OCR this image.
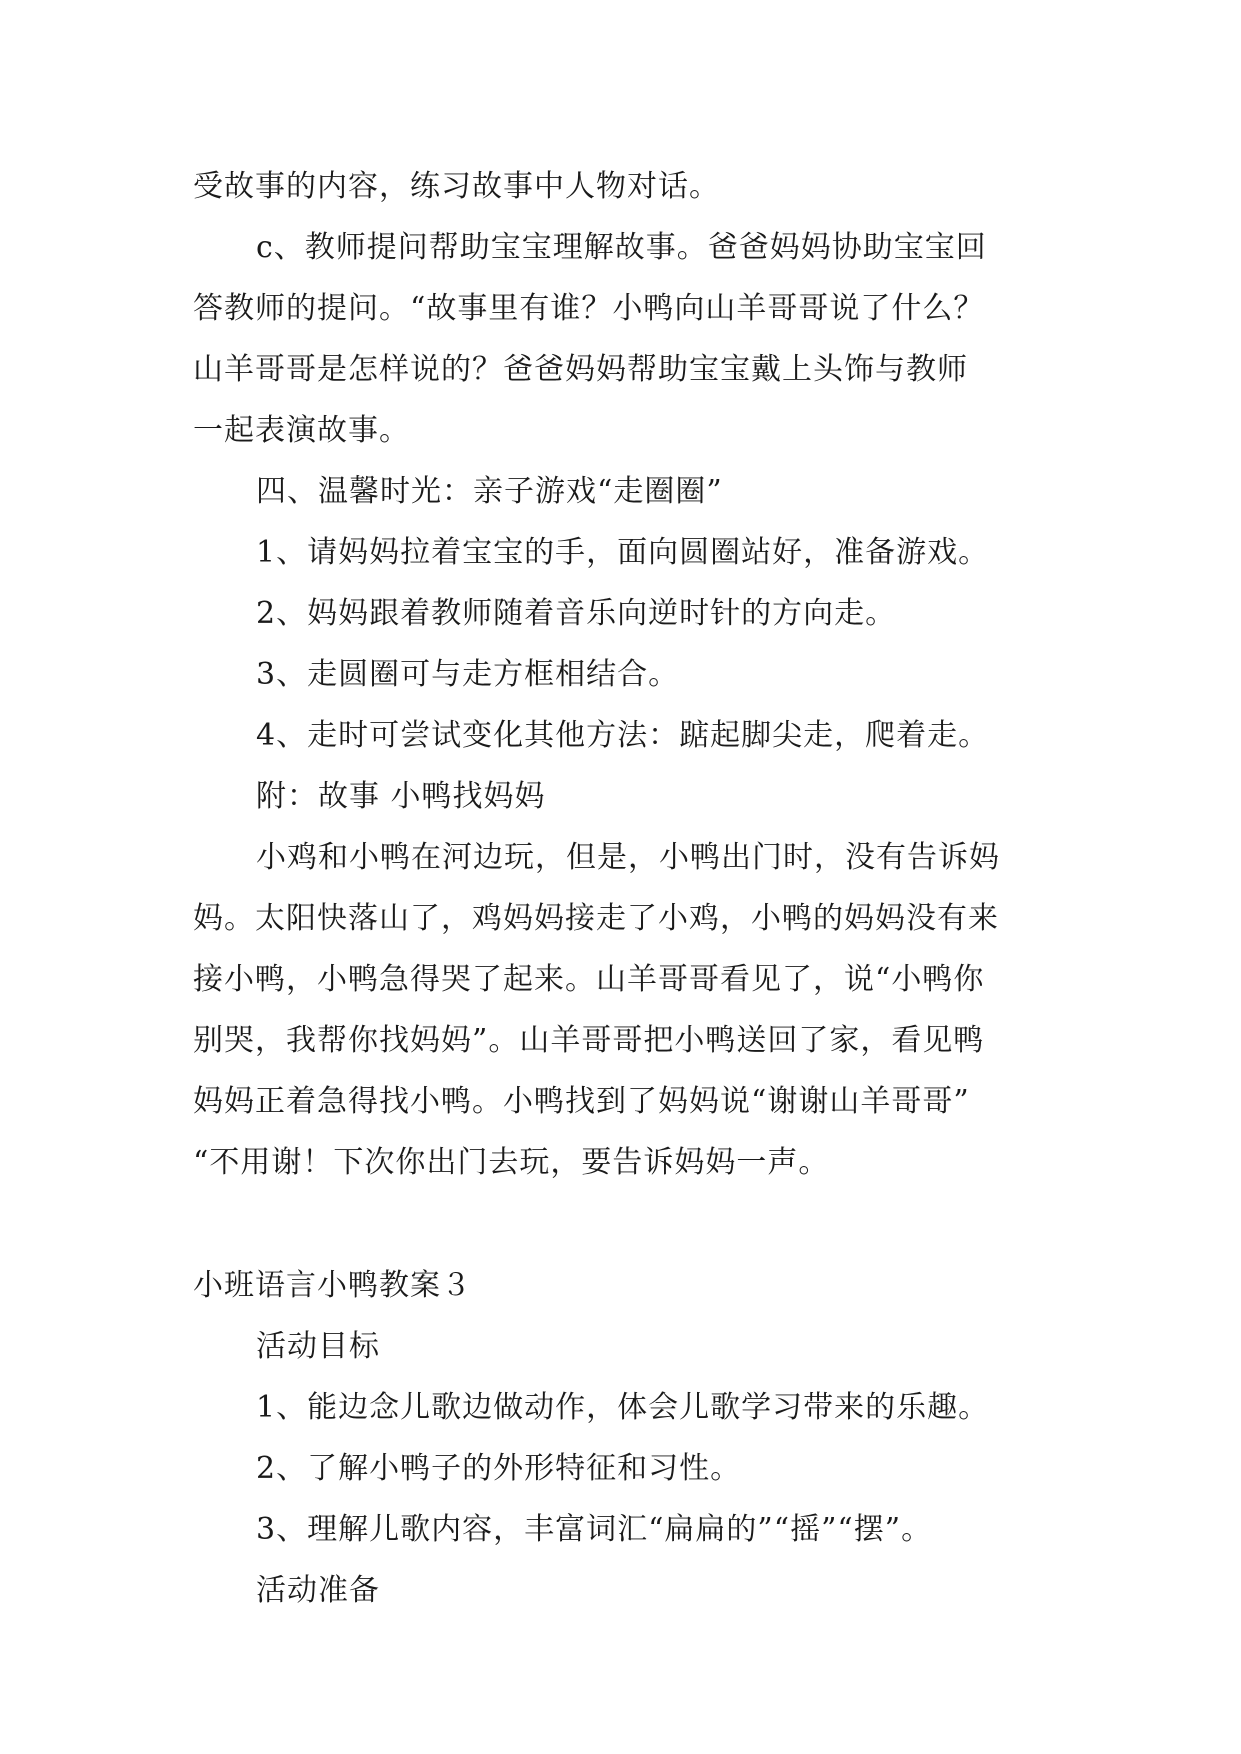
受故事的内容，练习故事中人物对话。
c、教师提问帮助宝宝理解故事。爸爸妈妈协助宝宝回
答教师的提问。“故事里有谁？小鸭向山羊哥哥说了什么？
山羊哥哥是怎样说的？爸爸妈妈帮助宝宝戴上头饰与教师
一起表演故事。
四、温馨时光：亲子游戏“走圈圈”
1、请妈妈拉着宝宝的手，面向圆圈站好，准备游戏。
2、妈妈跟着教师随着音乐向逆时针的方向走。
3、走圆圈可与走方框相结合。
4、走时可尝试变化其他方法：踮起脚尖走，爬着走。
附：故事 小鸭找妈妈
小鸡和小鸭在河边玩，但是，小鸭出门时，没有告诉妈
妈。太阳快落山了，鸡妈妈接走了小鸡，小鸭的妈妈没有来
接小鸭，小鸭急得哭了起来。山羊哥哥看见了，说“小鸭你
别哭，我帮你找妈妈”。山羊哥哥把小鸭送回了家，看见鸭
妈妈正着急得找小鸭。小鸭找到了妈妈说“谢谢山羊哥哥”
“不用谢！下次你出门去玩，要告诉妈妈一声。
小班语言小鸭教案３
活动目标
1、能边念儿歌边做动作，体会儿歌学习带来的乐趣。
2、了解小鸭子的外形特征和习性。
3、理解儿歌内容，丰富词汇“扁扁的”“摇”“摆”。
活动准备
